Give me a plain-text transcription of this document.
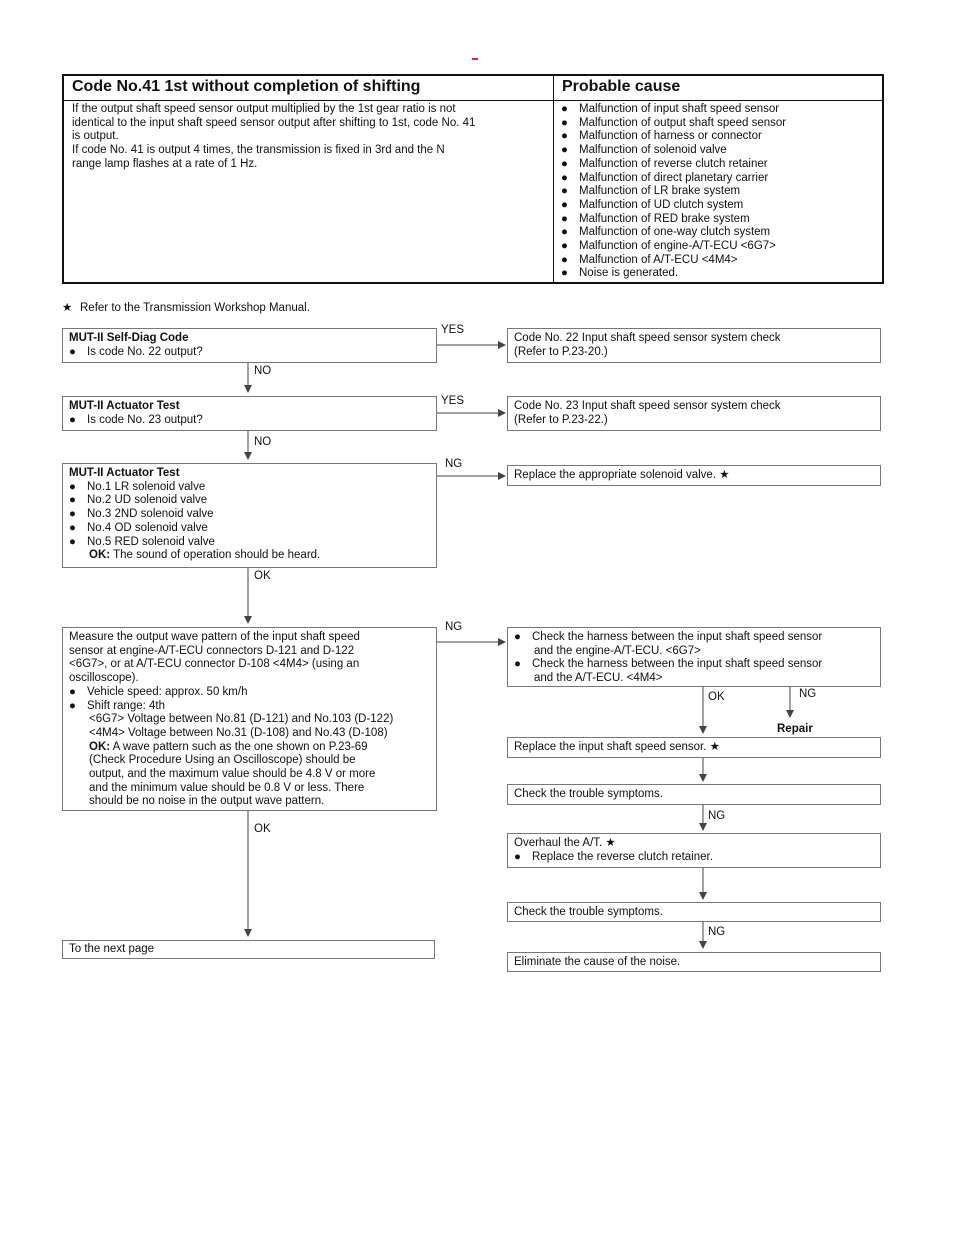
Code No.41 1st without completion of shifting	Probable cause
If the output shaft speed sensor output multiplied by the 1st gear ratio is not
identical to the input shaft speed sensor output after shifting to 1st, code No. 41
is output.
If code No. 41 is output 4 times, the transmission is fixed in 3rd and the N
range lamp flashes at a rate of 1 Hz.
● Malfunction of input shaft speed sensor
● Malfunction of output shaft speed sensor
● Malfunction of harness or connector
● Malfunction of solenoid valve
● Malfunction of reverse clutch retainer
● Malfunction of direct planetary carrier
● Malfunction of LR brake system
● Malfunction of UD clutch system
● Malfunction of RED brake system
● Malfunction of one-way clutch system
● Malfunction of engine-A/T-ECU <6G7>
● Malfunction of A/T-ECU <4M4>
● Noise is generated.
★ Refer to the Transmission Workshop Manual.
MUT-II Self-Diag Code
● Is code No. 22 output?
YES
Code No. 22 Input shaft speed sensor system check
(Refer to P.23-20.)
NO
MUT-II Actuator Test
● Is code No. 23 output?
YES	Code No. 23 Input shaft speed sensor system check
(Refer to P.23-22.)
NO
MUT-II Actuator Test
● No.1 LR solenoid valve
● No.2 UD solenoid valve
● No.3 2ND solenoid valve
● No.4 OD solenoid valve
● No.5 RED solenoid valve
OK: The sound of operation should be heard.
NG
Replace the appropriate solenoid valve. ★
OK
Measure the output wave pattern of the input shaft speed
sensor at engine-A/T-ECU connectors D-121 and D-122
<6G7>, or at A/T-ECU connector D-108 <4M4> (using an
oscilloscope).
● Vehicle speed: approx. 50 km/h
● Shift range: 4th
<6G7> Voltage between No.81 (D-121) and No.103 (D-122)
<4M4> Voltage between No.31 (D-108) and No.43 (D-108)
OK: A wave pattern such as the one shown on P.23-69
(Check Procedure Using an Oscilloscope) should be
output, and the maximum value should be 4.8 V or more
and the minimum value should be 0.8 V or less. There
should be no noise in the output wave pattern.
NG
● Check the harness between the input shaft speed sensor
and the engine-A/T-ECU. <6G7>
● Check the harness between the input shaft speed sensor
and the A/T-ECU. <4M4>
OK	NG
Repair
Replace the input shaft speed sensor. ★
Check the trouble symptoms.
NG
OK
Overhaul the A/T. ★
● Replace the reverse clutch retainer.
Check the trouble symptoms.
NG
To the next page
Eliminate the cause of the noise.
